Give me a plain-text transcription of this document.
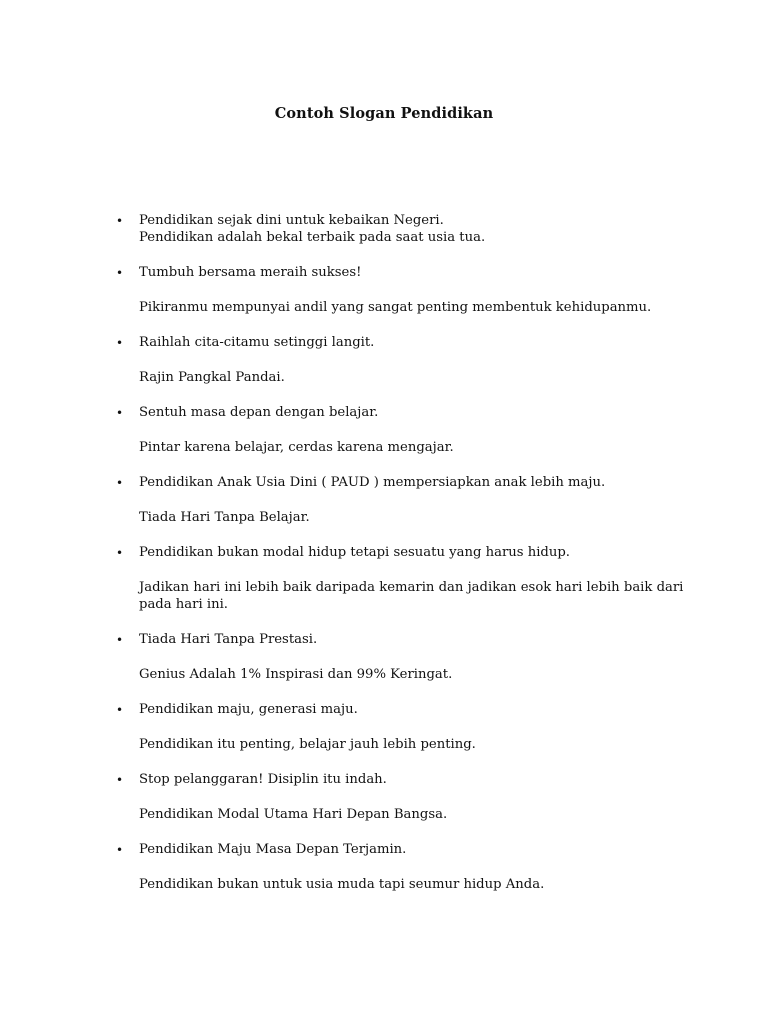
Contoh Slogan Pendidikan
• Pendidikan sejak dini untuk kebaikan Negeri.

Pendidikan adalah bekal terbaik pada saat usia tua.

• Tumbuh bersama meraih sukses!

Pikiranmu mempunyai andil yang sangat penting membentuk kehidupanmu.

• Raihlah cita-citamu setinggi langit.

Rajin Pangkal Pandai.

• Sentuh masa depan dengan belajar.

Pintar karena belajar, cerdas karena mengajar.

• Pendidikan Anak Usia Dini ( PAUD ) mempersiapkan anak lebih maju.

Tiada Hari Tanpa Belajar.

• Pendidikan bukan modal hidup tetapi sesuatu yang harus hidup.

Jadikan hari ini lebih baik daripada kemarin dan jadikan esok hari lebih baik dari pada hari ini.

• Tiada Hari Tanpa Prestasi.

Genius Adalah 1% Inspirasi dan 99% Keringat.

• Pendidikan maju, generasi maju.

Pendidikan itu penting, belajar jauh lebih penting.

• Stop pelanggaran! Disiplin itu indah.

Pendidikan Modal Utama Hari Depan Bangsa.

• Pendidikan Maju Masa Depan Terjamin.

Pendidikan bukan untuk usia muda tapi seumur hidup Anda.
